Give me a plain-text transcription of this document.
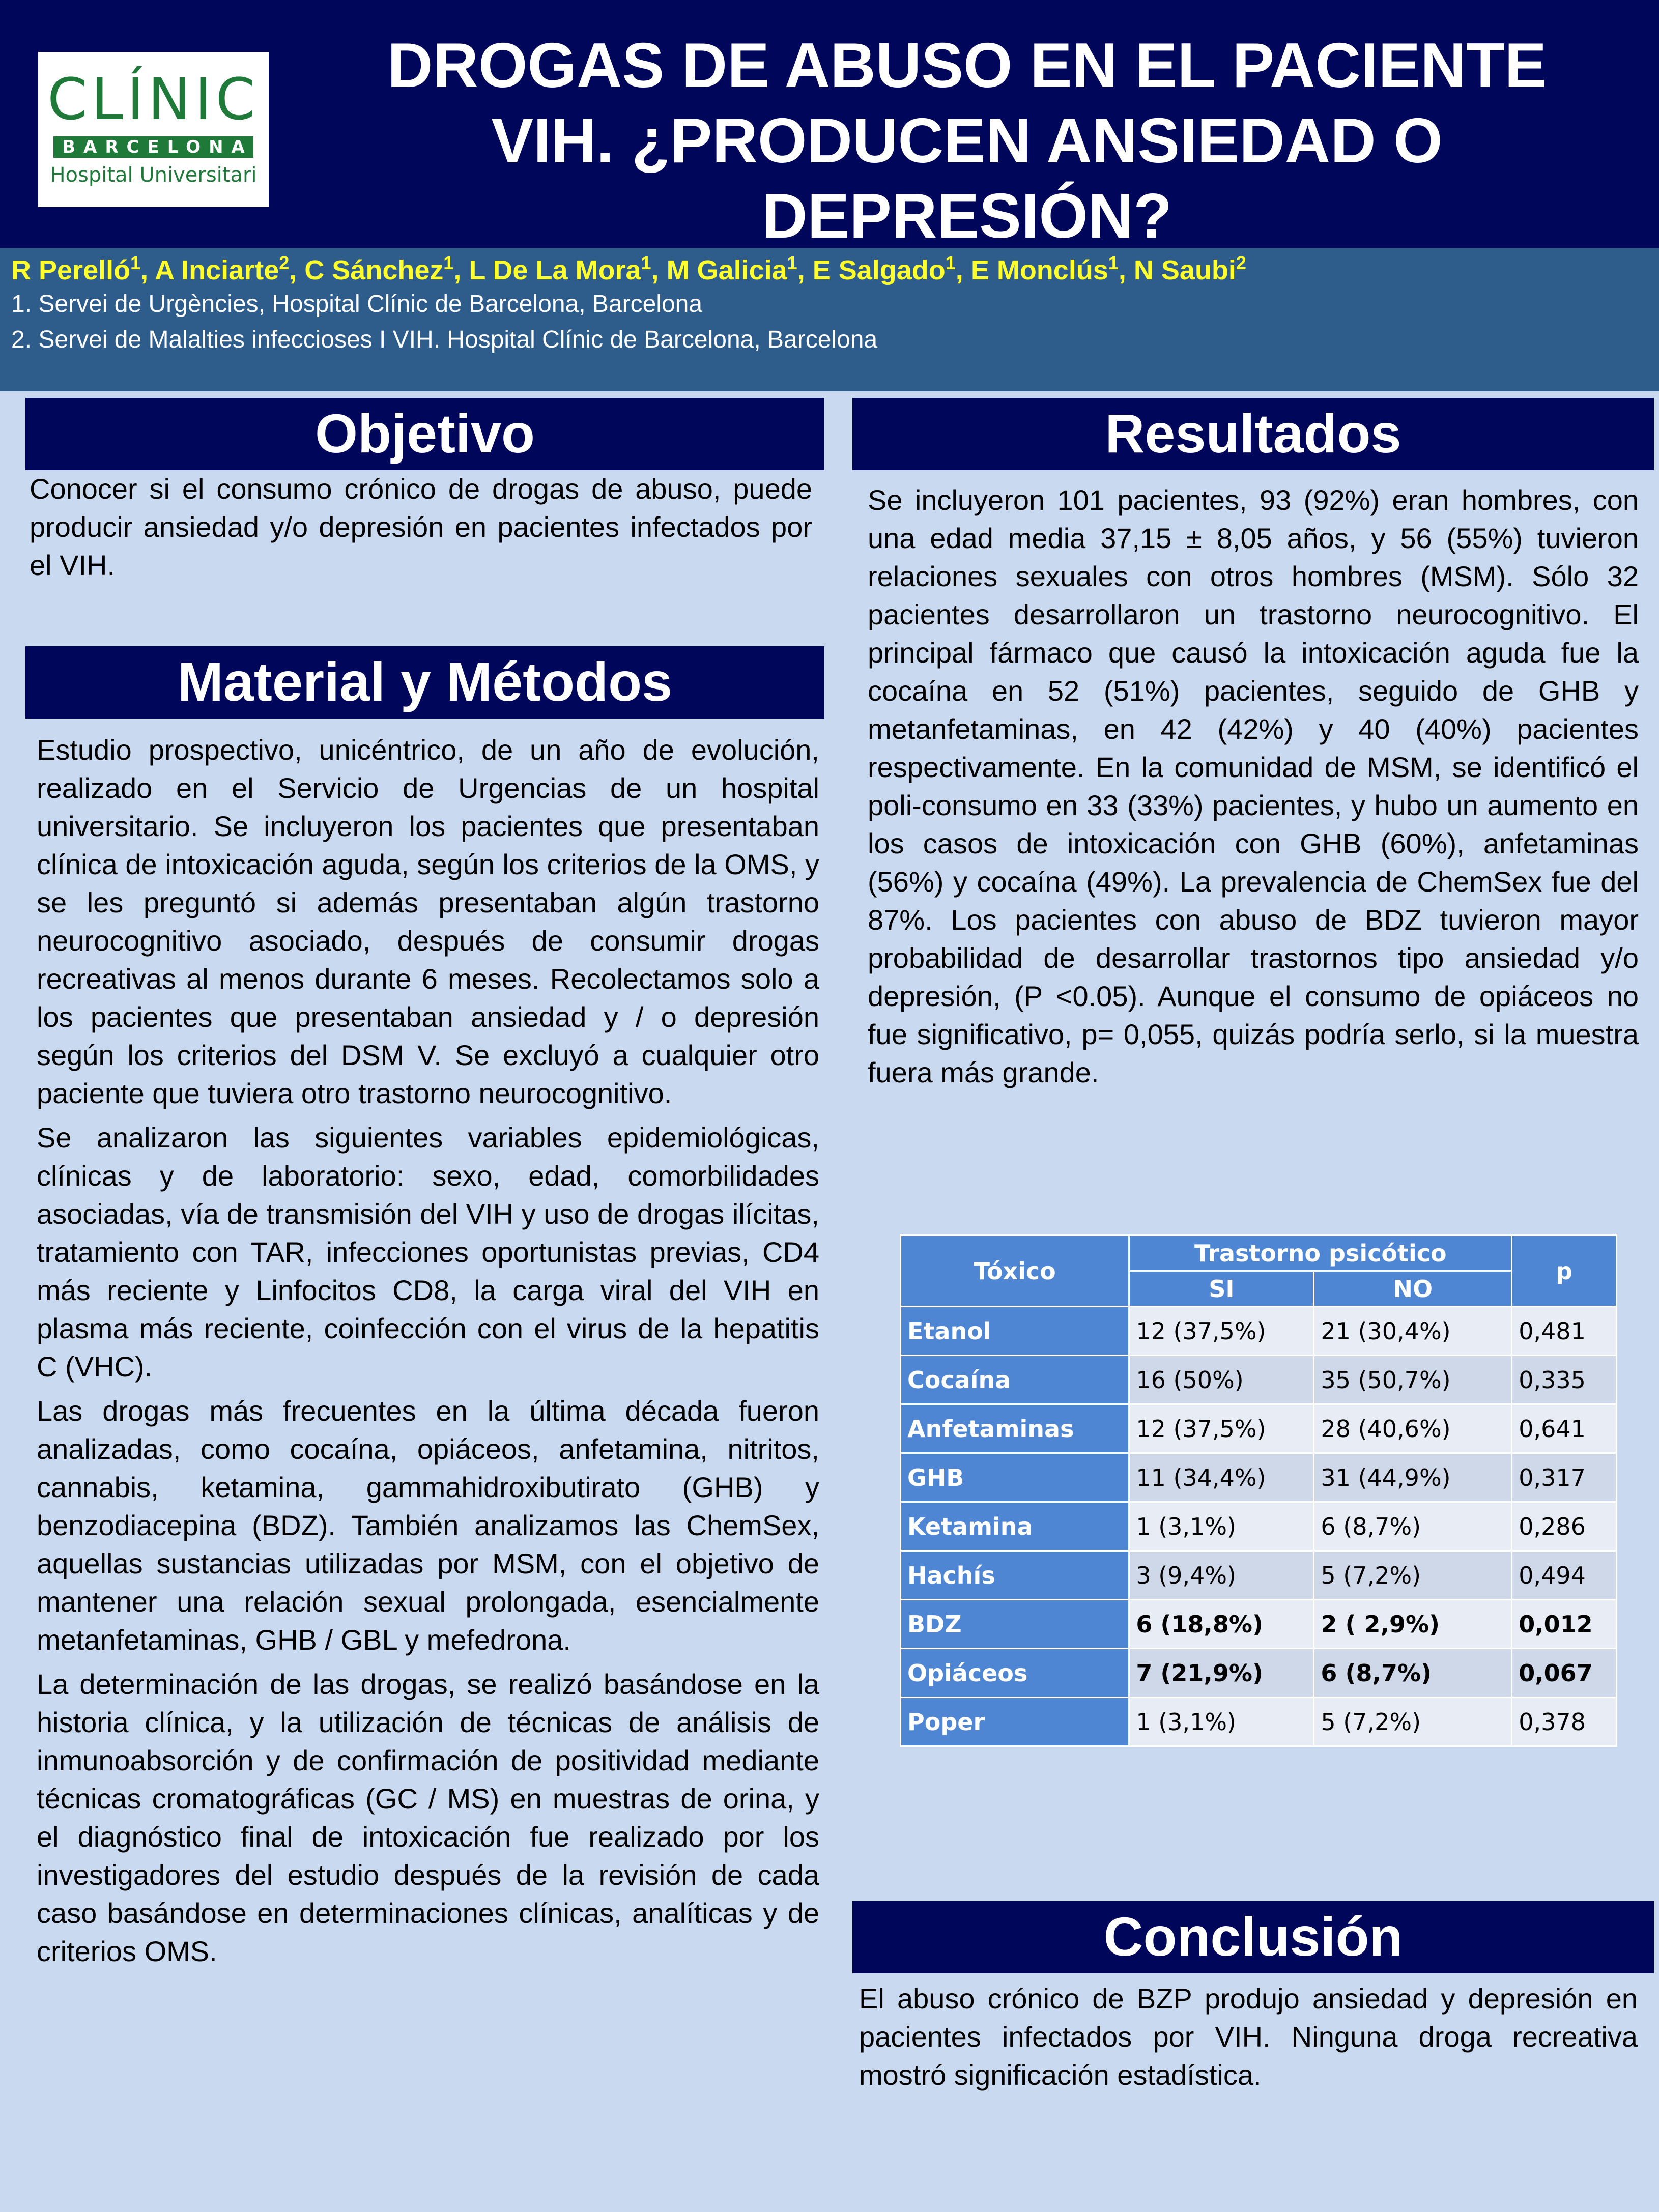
CLÍNIC
BARCELONA
Hospital Universitari
DROGAS DE ABUSO EN EL PACIENTE VIH. ¿PRODUCEN ANSIEDAD O DEPRESIÓN?
R Perelló$^1$, A Inciarte$^2$, C Sánchez$^1$, L De La Mora$^1$, M Galicia$^1$, E Salgado$^1$, E Monclús$^1$, N Saubi$^2$
1. Servei de Urgències, Hospital Clínic de Barcelona, Barcelona
2. Servei de Malalties infeccioses I VIH. Hospital Clínic de Barcelona, Barcelona
Objetivo
Conocer si el consumo crónico de drogas de abuso, puede producir ansiedad y/o depresión en pacientes infectados por el VIH.
Material y Métodos

Estudio prospectivo, unicéntrico, de un año de evolución, realizado en el Servicio de Urgencias de un hospital universitario. Se incluyeron los pacientes que presentaban clínica de intoxicación aguda, según los criterios de la OMS, y se les preguntó si además presentaban algún trastorno neurocognitivo asociado, después de consumir drogas recreativas al menos durante 6 meses. Recolectamos solo a los pacientes que presentaban ansiedad y / o depresión según los criterios del DSM V. Se excluyó a cualquier otro paciente que tuviera otro trastorno neurocognitivo.

Se analizaron las siguientes variables epidemiológicas, clínicas y de laboratorio: sexo, edad, comorbilidades asociadas, vía de transmisión del VIH y uso de drogas ilícitas, tratamiento con TAR, infecciones oportunistas previas, CD4 más reciente y Linfocitos CD8, la carga viral del VIH en plasma más reciente, coinfección con el virus de la hepatitis C (VHC).

Las drogas más frecuentes en la última década fueron analizadas, como cocaína, opiáceos, anfetamina, nitritos, cannabis, ketamina, gammahidroxibutirato (GHB) y benzodiacepina (BDZ). También analizamos las ChemSex, aquellas sustancias utilizadas por MSM, con el objetivo de mantener una relación sexual prolongada, esencialmente metanfetaminas, GHB / GBL y mefedrona.

La determinación de las drogas, se realizó basándose en la historia clínica, y la utilización de técnicas de análisis de inmunoabsorción y de confirmación de positividad mediante técnicas cromatográficas (GC / MS) en muestras de orina, y el diagnóstico final de intoxicación fue realizado por los investigadores del estudio después de la revisión de cada caso basándose en determinaciones clínicas, analíticas y de criterios OMS.

Resultados
Se incluyeron 101 pacientes, 93 (92%) eran hombres, con una edad media 37,15 ± 8,05 años, y 56 (55%) tuvieron relaciones sexuales con otros hombres (MSM). Sólo 32 pacientes desarrollaron un trastorno neurocognitivo. El principal fármaco que causó la intoxicación aguda fue la cocaína en 52 (51%) pacientes, seguido de GHB y metanfetaminas, en 42 (42%) y 40 (40%) pacientes respectivamente. En la comunidad de MSM, se identificó el poli-consumo en 33 (33%) pacientes, y hubo un aumento en los casos de intoxicación con GHB (60%), anfetaminas (56%) y cocaína (49%). La prevalencia de ChemSex fue del 87%. Los pacientes con abuso de BDZ tuvieron mayor probabilidad de desarrollar trastornos tipo ansiedad y/o depresión, (P <0.05). Aunque el consumo de opiáceos no fue significativo, p= 0,055, quizás podría serlo, si la muestra fuera más grande.
Tóxico	Trastorno psicótico		p
	SI	NO	
Etanol	12 (37,5%)	21 (30,4%)	0,481
Cocaína	16 (50%)	35 (50,7%)	0,335
Anfetaminas	12 (37,5%)	28 (40,6%)	0,641
GHB	11 (34,4%)	31 (44,9%)	0,317
Ketamina	1 (3,1%)	6 (8,7%)	0,286
Hachís	3 (9,4%)	5 (7,2%)	0,494
BDZ	6 (18,8%)	2 ( 2,9%)	0,012
Opiáceos	7 (21,9%)	6 (8,7%)	0,067
Poper	1 (3,1%)	5 (7,2%)	0,378
Conclusión
El abuso crónico de BZP produjo ansiedad y depresión en pacientes infectados por VIH. Ninguna droga recreativa mostró significación estadística.
